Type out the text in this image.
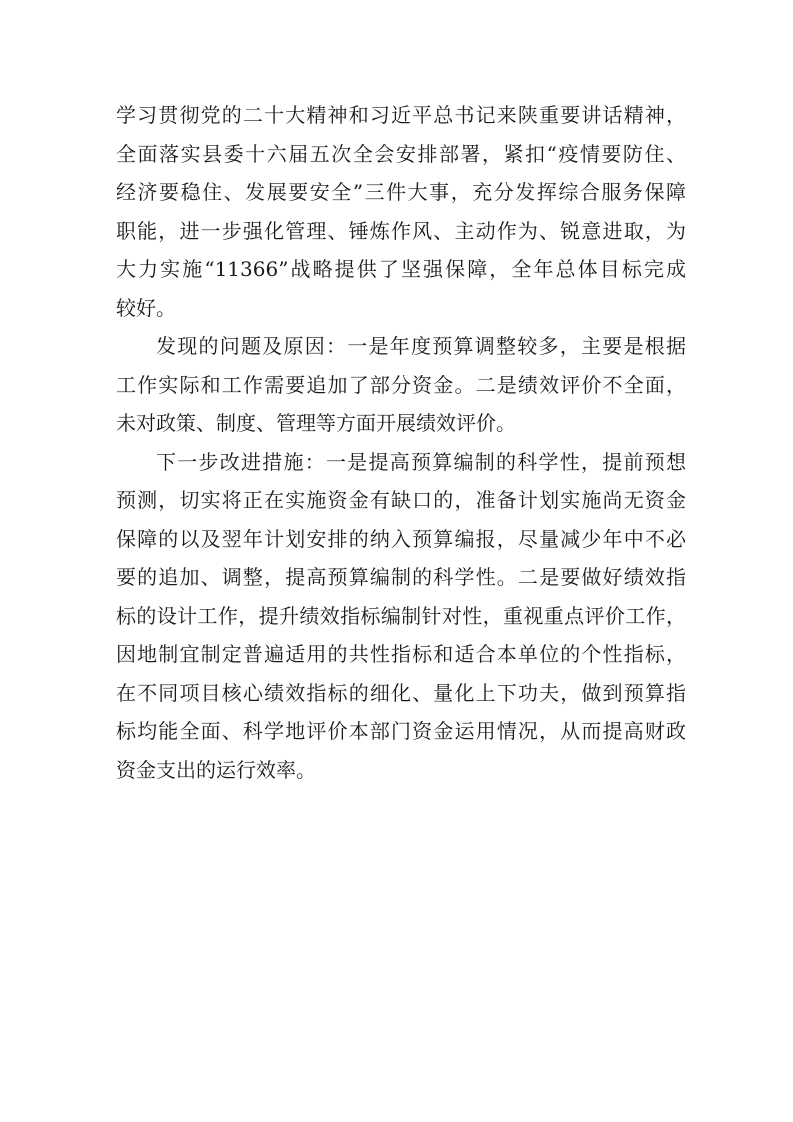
学习贯彻党的二十大精神和习近平总书记来陕重要讲话精神，
全面落实县委十六届五次全会安排部署，紧扣“疫情要防住、
经济要稳住、发展要安全”三件大事，充分发挥综合服务保障
职能，进一步强化管理、锤炼作风、主动作为、锐意进取，为
大力实施“11366”战略提供了坚强保障，全年总体目标完成
较好。
发现的问题及原因：一是年度预算调整较多，主要是根据
工作实际和工作需要追加了部分资金。二是绩效评价不全面，
未对政策、制度、管理等方面开展绩效评价。
下一步改进措施：一是提高预算编制的科学性，提前预想
预测，切实将正在实施资金有缺口的，准备计划实施尚无资金
保障的以及翌年计划安排的纳入预算编报，尽量减少年中不必
要的追加、调整，提高预算编制的科学性。二是要做好绩效指
标的设计工作，提升绩效指标编制针对性，重视重点评价工作，
因地制宜制定普遍适用的共性指标和适合本单位的个性指标，
在不同项目核心绩效指标的细化、量化上下功夫，做到预算指
标均能全面、科学地评价本部门资金运用情况，从而提高财政
资金支出的运行效率。
